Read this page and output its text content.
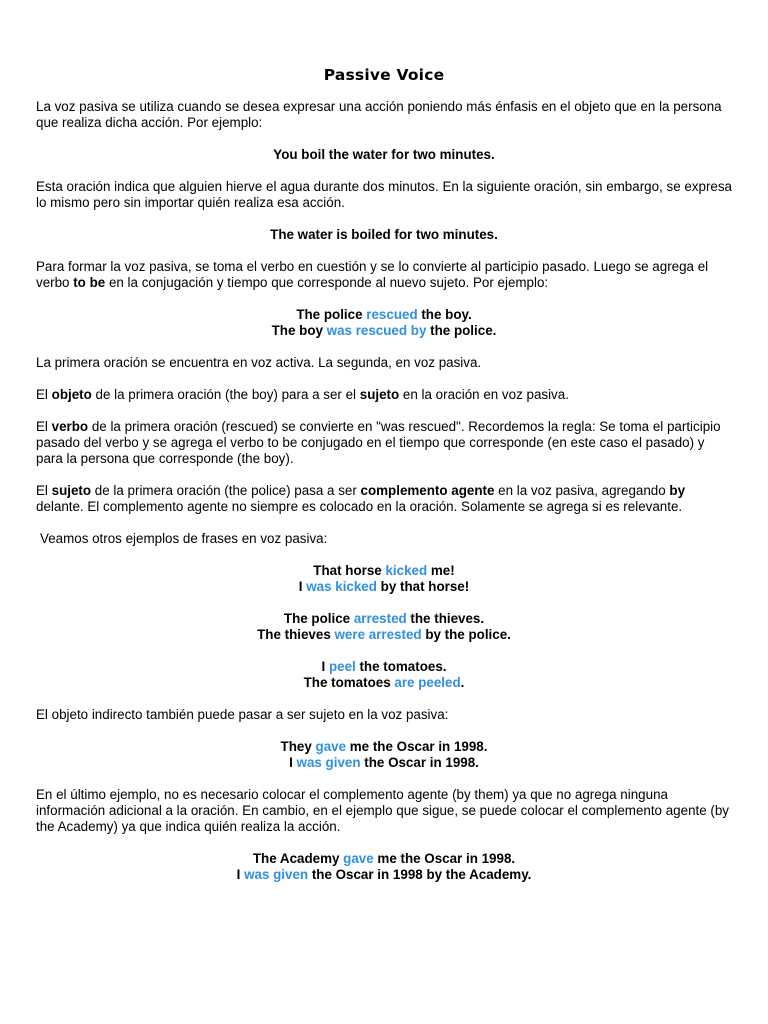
Passive Voice

La voz pasiva se utiliza cuando se desea expresar una acción poniendo más énfasis en el objeto que en la persona que realiza dicha acción. Por ejemplo:

You boil the water for two minutes.

Esta oración indica que alguien hierve el agua durante dos minutos. En la siguiente oración, sin embargo, se expresa lo mismo pero sin importar quién realiza esa acción.

The water is boiled for two minutes.

Para formar la voz pasiva, se toma el verbo en cuestión y se lo convierte al participio pasado. Luego se agrega el verbo to be en la conjugación y tiempo que corresponde al nuevo sujeto. Por ejemplo:

The police rescued the boy.
The boy was rescued by the police.

La primera oración se encuentra en voz activa. La segunda, en voz pasiva.

El objeto de la primera oración (the boy) para a ser el sujeto en la oración en voz pasiva.

El verbo de la primera oración (rescued) se convierte en "was rescued". Recordemos la regla: Se toma el participio pasado del verbo y se agrega el verbo to be conjugado en el tiempo que corresponde (en este caso el pasado) y para la persona que corresponde (the boy).

El sujeto de la primera oración (the police) pasa a ser complemento agente en la voz pasiva, agregando by delante. El complemento agente no siempre es colocado en la oración. Solamente se agrega si es relevante.

Veamos otros ejemplos de frases en voz pasiva:

That horse kicked me!
I was kicked by that horse!
The police arrested the thieves.
The thieves were arrested by the police.
I peel the tomatoes.
The tomatoes are peeled.

El objeto indirecto también puede pasar a ser sujeto en la voz pasiva:

They gave me the Oscar in 1998.
I was given the Oscar in 1998.

En el último ejemplo, no es necesario colocar el complemento agente (by them) ya que no agrega ninguna información adicional a la oración. En cambio, en el ejemplo que sigue, se puede colocar el complemento agente (by the Academy) ya que indica quién realiza la acción.

The Academy gave me the Oscar in 1998.
I was given the Oscar in 1998 by the Academy.
